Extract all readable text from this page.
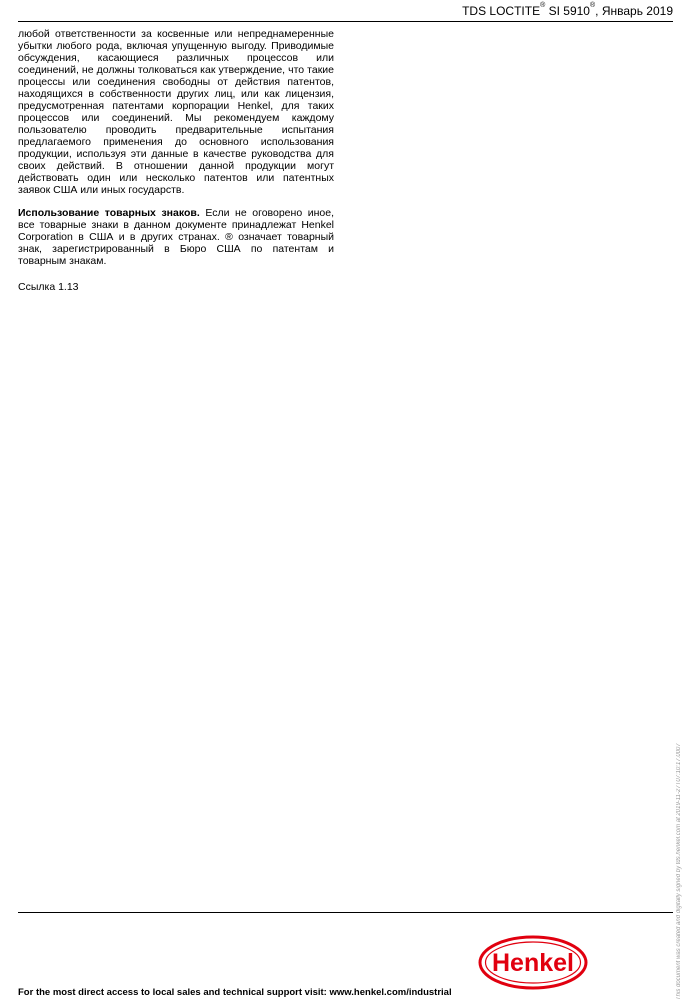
TDS LOCTITE® SI 5910®, Январь 2019

любой ответственности за косвенные или непреднамеренные убытки любого рода, включая упущенную выгоду. Приводимые обсуждения, касающиеся различных процессов или соединений, не должны толковаться как утверждение, что такие процессы или соединения свободны от действия патентов, находящихся в собственности других лиц, или как лицензия, предусмотренная патентами корпорации Henkel, для таких процессов или соединений. Мы рекомендуем каждому пользователю проводить предварительные испытания предлагаемого применения до основного использования продукции, используя эти данные в качестве руководства для своих действий. В отношении данной продукции могут действовать один или несколько патентов или патентных заявок США или иных государств.

Использование товарных знаков. Если не оговорено иное, все товарные знаки в данном документе принадлежат Henkel Corporation в США и в других странах. ® означает товарный знак, зарегистрированный в Бюро США по патентам и товарным знакам.

Ссылка 1.13
This document was created and digitally signed by tds.henkel.com at 2019-11-27T07:10:17.0007
Henkel
For the most direct access to local sales and technical support visit: www.henkel.com/industrial
